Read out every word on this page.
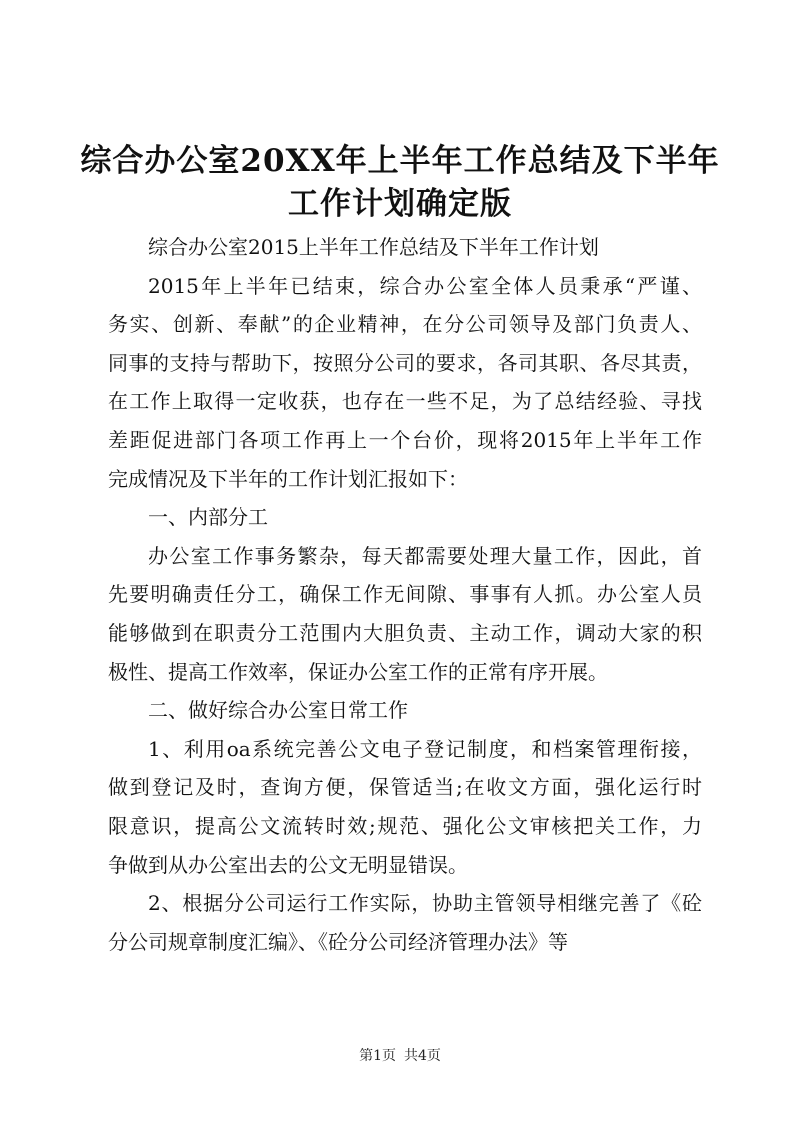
综合办公室20XX年上半年工作总结及下半年
工作计划确定版
综合办公室2015上半年工作总结及下半年工作计划
2015年上半年已结束，综合办公室全体人员秉承“严谨、
务实、创新、奉献”的企业精神，在分公司领导及部门负责人、
同事的支持与帮助下，按照分公司的要求，各司其职、各尽其责，
在工作上取得一定收获，也存在一些不足，为了总结经验、寻找
差距促进部门各项工作再上一个台价，现将2015年上半年工作
完成情况及下半年的工作计划汇报如下：
一、内部分工
办公室工作事务繁杂，每天都需要处理大量工作，因此，首
先要明确责任分工，确保工作无间隙、事事有人抓。办公室人员
能够做到在职责分工范围内大胆负责、主动工作，调动大家的积
极性、提高工作效率，保证办公室工作的正常有序开展。
二、做好综合办公室日常工作
1、利用oa系统完善公文电子登记制度，和档案管理衔接，
做到登记及时，查询方便，保管适当;在收文方面，强化运行时
限意识，提高公文流转时效;规范、强化公文审核把关工作，力
争做到从办公室出去的公文无明显错误。
2、根据分公司运行工作实际，协助主管领导相继完善了《砼
分公司规章制度汇编》、《砼分公司经济管理办法》等
第1页 共4页
